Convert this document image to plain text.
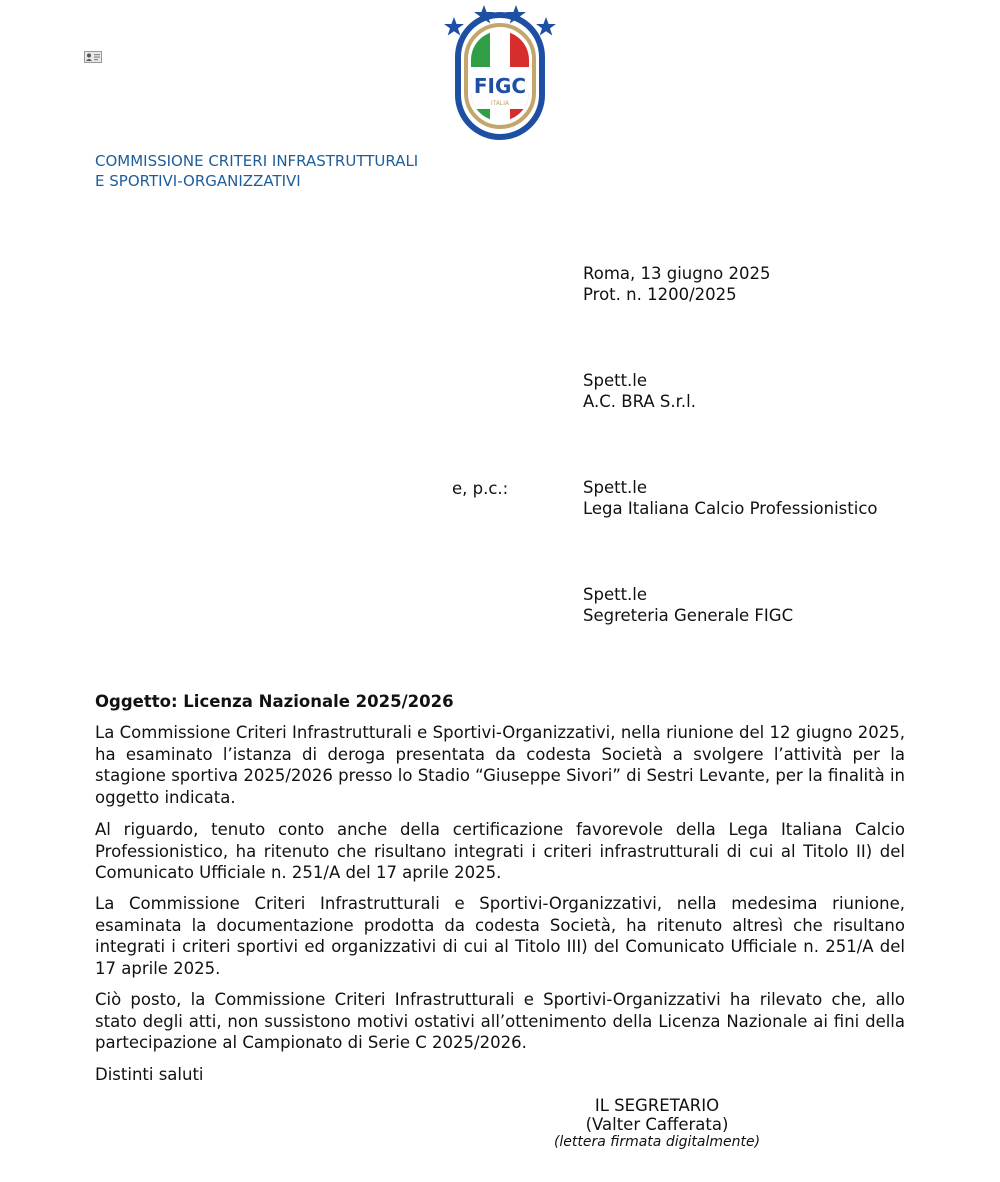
FIGC
ITALIA
COMMISSIONE CRITERI INFRASTRUTTURALI
E SPORTIVI-ORGANIZZATIVI
Roma, 13 giugno 2025
Prot. n. 1200/2025
Spett.le
A.C. BRA S.r.l.
e, p.c.:	Spett.le
Lega Italiana Calcio Professionistico
Spett.le
Segreteria Generale FIGC
Oggetto: Licenza Nazionale 2025/2026

La Commissione Criteri Infrastrutturali e Sportivi-Organizzativi, nella riunione del 12 giugno 2025, ha esaminato l’istanza di deroga presentata da codesta Società a svolgere l’attività per la stagione sportiva 2025/2026 presso lo Stadio “Giuseppe Sivori” di Sestri Levante, per la finalità in oggetto indicata.

Al riguardo, tenuto conto anche della certificazione favorevole della Lega Italiana Calcio Professionistico, ha ritenuto che risultano integrati i criteri infrastrutturali di cui al Titolo II) del Comunicato Ufficiale n. 251/A del 17 aprile 2025.

La Commissione Criteri Infrastrutturali e Sportivi-Organizzativi, nella medesima riunione, esaminata la documentazione prodotta da codesta Società, ha ritenuto altresì che risultano integrati i criteri sportivi ed organizzativi di cui al Titolo III) del Comunicato Ufficiale n. 251/A del 17 aprile 2025.

Ciò posto, la Commissione Criteri Infrastrutturali e Sportivi-Organizzativi ha rilevato che, allo stato degli atti, non sussistono motivi ostativi all’ottenimento della Licenza Nazionale ai fini della partecipazione al Campionato di Serie C 2025/2026.

Distinti saluti
IL SEGRETARIO
(Valter Cafferata)
(lettera firmata digitalmente)
